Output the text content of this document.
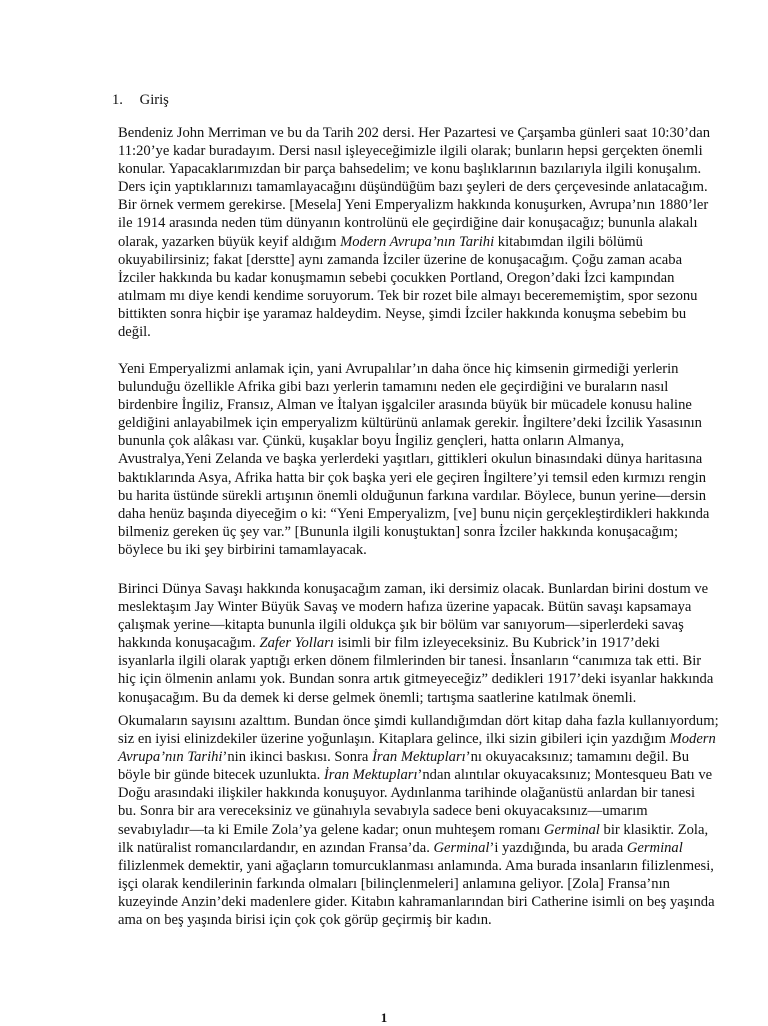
1. Giriş
Bendeniz John Merriman ve bu da Tarih 202 dersi. Her Pazartesi ve Çarşamba günleri saat 10:30’dan
11:20’ye kadar buradayım. Dersi nasıl işleyeceğimizle ilgili olarak; bunların hepsi gerçekten önemli
konular. Yapacaklarımızdan bir parça bahsedelim; ve konu başlıklarının bazılarıyla ilgili konuşalım.
Ders için yaptıklarınızı tamamlayacağını düşündüğüm bazı şeyleri de ders çerçevesinde anlatacağım.
Bir örnek vermem gerekirse. [Mesela] Yeni Emperyalizm hakkında konuşurken, Avrupa’nın 1880’ler
ile 1914 arasında neden tüm dünyanın kontrolünü ele geçirdiğine dair konuşacağız; bununla alakalı
olarak, yazarken büyük keyif aldığım Modern Avrupa’nın Tarihi kitabımdan ilgili bölümü
okuyabilirsiniz; fakat [derstte] aynı zamanda İzciler üzerine de konuşacağım. Çoğu zaman acaba
İzciler hakkında bu kadar konuşmamın sebebi çocukken Portland, Oregon’daki İzci kampından
atılmam mı diye kendi kendime soruyorum. Tek bir rozet bile almayı becerememiştim, spor sezonu
bittikten sonra hiçbir işe yaramaz haldeydim. Neyse, şimdi İzciler hakkında konuşma sebebim bu
değil.
Yeni Emperyalizmi anlamak için, yani Avrupalılar’ın daha önce hiç kimsenin girmediği yerlerin
bulunduğu özellikle Afrika gibi bazı yerlerin tamamını neden ele geçirdiğini ve buraların nasıl
birdenbire İngiliz, Fransız, Alman ve İtalyan işgalciler arasında büyük bir mücadele konusu haline
geldiğini anlayabilmek için emperyalizm kültürünü anlamak gerekir. İngiltere’deki İzcilik Yasasının
bununla çok alâkası var. Çünkü, kuşaklar boyu İngiliz gençleri, hatta onların Almanya,
Avustralya,Yeni Zelanda ve başka yerlerdeki yaşıtları, gittikleri okulun binasındaki dünya haritasına
baktıklarında Asya, Afrika hatta bir çok başka yeri ele geçiren İngiltere’yi temsil eden kırmızı rengin
bu harita üstünde sürekli artışının önemli olduğunun farkına vardılar. Böylece, bunun yerine—dersin
daha henüz başında diyeceğim o ki: “Yeni Emperyalizm, [ve] bunu niçin gerçekleştirdikleri hakkında
bilmeniz gereken üç şey var.” [Bununla ilgili konuştuktan] sonra İzciler hakkında konuşacağım;
böylece bu iki şey birbirini tamamlayacak.
Birinci Dünya Savaşı hakkında konuşacağım zaman, iki dersimiz olacak. Bunlardan birini dostum ve
meslektaşım Jay Winter Büyük Savaş ve modern hafıza üzerine yapacak. Bütün savaşı kapsamaya
çalışmak yerine—kitapta bununla ilgili oldukça şık bir bölüm var sanıyorum—siperlerdeki savaş
hakkında konuşacağım. Zafer Yolları isimli bir film izleyeceksiniz. Bu Kubrick’in 1917’deki
isyanlarla ilgili olarak yaptığı erken dönem filmlerinden bir tanesi. İnsanların “canımıza tak etti. Bir
hiç için ölmenin anlamı yok. Bundan sonra artık gitmeyeceğiz” dedikleri 1917’deki isyanlar hakkında
konuşacağım. Bu da demek ki derse gelmek önemli; tartışma saatlerine katılmak önemli.
Okumaların sayısını azalttım. Bundan önce şimdi kullandığımdan dört kitap daha fazla kullanıyordum;
siz en iyisi elinizdekiler üzerine yoğunlaşın. Kitaplara gelince, ilki sizin gibileri için yazdığım Modern
Avrupa’nın Tarihi’nin ikinci baskısı. Sonra İran Mektupları’nı okuyacaksınız; tamamını değil. Bu
böyle bir günde bitecek uzunlukta. İran Mektupları’ndan alıntılar okuyacaksınız; Montesqueu Batı ve
Doğu arasındaki ilişkiler hakkında konuşuyor. Aydınlanma tarihinde olağanüstü anlardan bir tanesi
bu. Sonra bir ara vereceksiniz ve günahıyla sevabıyla sadece beni okuyacaksınız—umarım
sevabıyladır—ta ki Emile Zola’ya gelene kadar; onun muhteşem romanı Germinal bir klasiktir. Zola,
ilk natüralist romancılardandır, en azından Fransa’da. Germinal’i yazdığında, bu arada Germinal
filizlenmek demektir, yani ağaçların tomurcuklanması anlamında. Ama burada insanların filizlenmesi,
işçi olarak kendilerinin farkında olmaları [bilinçlenmeleri] anlamına geliyor. [Zola] Fransa’nın
kuzeyinde Anzin’deki madenlere gider. Kitabın kahramanlarından biri Catherine isimli on beş yaşında
ama on beş yaşında birisi için çok çok görüp geçirmiş bir kadın.
1
